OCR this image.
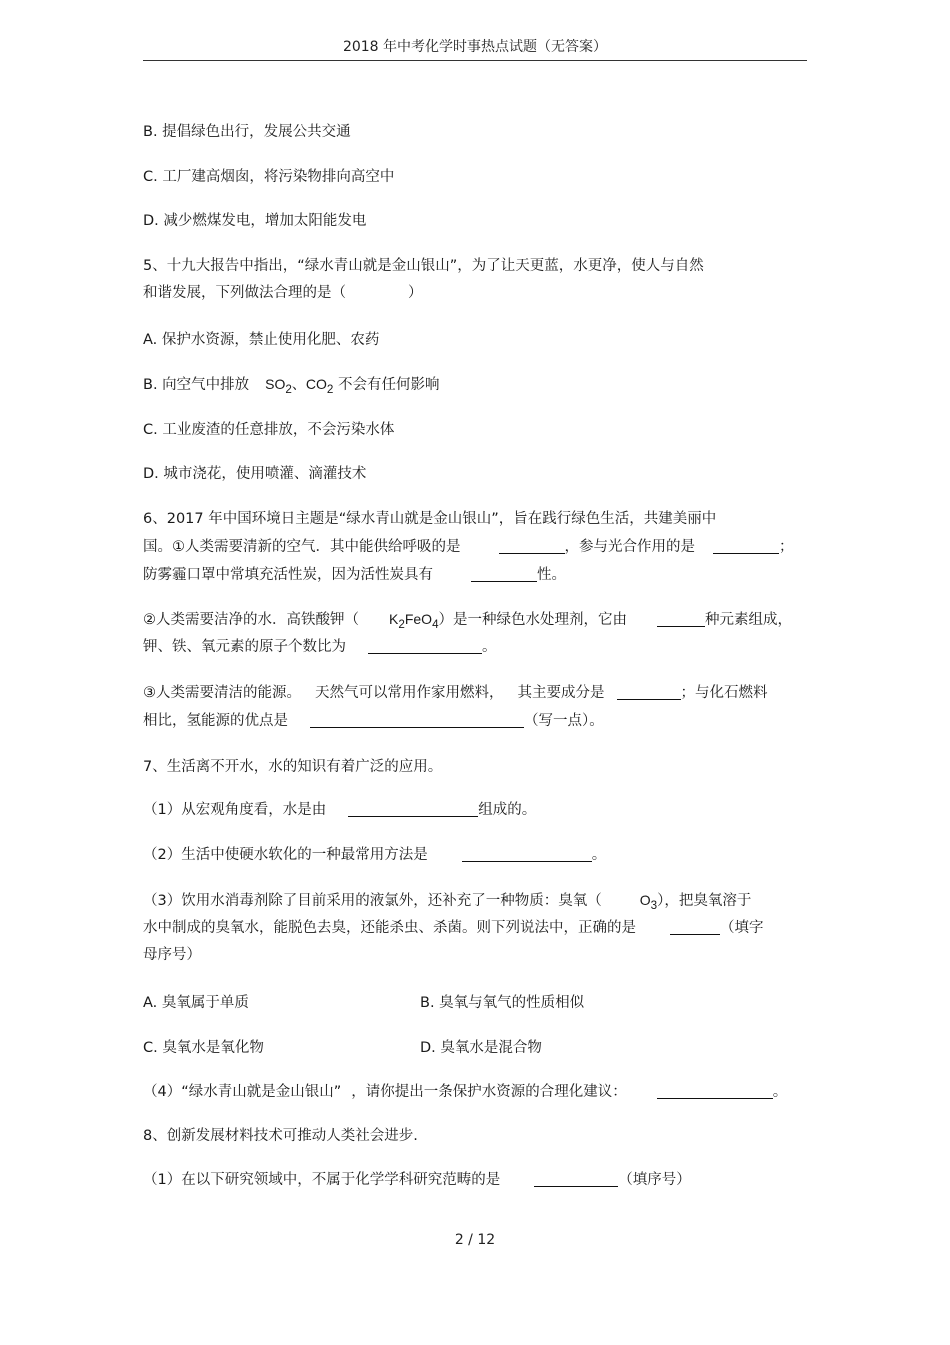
2018 年中考化学时事热点试题（无答案）
B. 提倡绿色出行，发展公共交通
C. 工厂建高烟囱，将污染物排向高空中
D. 减少燃煤发电，增加太阳能发电
5、十九大报告中指出，“绿水青山就是金山银山”，为了让天更蓝，水更净，使人与自然
和谐发展，下列做法合理的是（	）
A. 保护水资源，禁止使用化肥、农药
B. 向空气中排放 $SO_2$、$CO_2$ 不会有任何影响
C. 工业废渣的任意排放，不会污染水体
D. 城市浇花，使用喷灌、滴灌技术
6、2017 年中国环境日主题是“绿水青山就是金山银山”，旨在践行绿色生活，共建美丽中
国。①人类需要清新的空气．其中能供给呼吸的是	，参与光合作用的是	；
防雾霾口罩中常填充活性炭，因为活性炭具有	性。
②人类需要洁净的水．高铁酸钾（ $K_2FeO_4$）是一种绿色水处理剂，它由	种元素组成，
钾、铁、氧元素的原子个数比为	。
③人类需要清洁的能源。 天然气可以常用作家用燃料， 其主要成分是	；与化石燃料
相比，氢能源的优点是	（写一点）。
7、生活离不开水，水的知识有着广泛的应用。
（1）从宏观角度看，水是由	组成的。
（2）生活中使硬水软化的一种最常用方法是	。
（3）饮用水消毒剂除了目前采用的液氯外，还补充了一种物质：臭氧（	$O_3$），把臭氧溶于
水中制成的臭氧水，能脱色去臭，还能杀虫、杀菌。则下列说法中，正确的是	（填字
母序号）
A. 臭氧属于单质	B. 臭氧与氧气的性质相似
C. 臭氧水是氧化物	D. 臭氧水是混合物
（4）“绿水青山就是金山银山” ，请你提出一条保护水资源的合理化建议：	。
8、创新发展材料技术可推动人类社会进步.
（1）在以下研究领域中，不属于化学学科研究范畴的是	（填序号）
2 / 12
